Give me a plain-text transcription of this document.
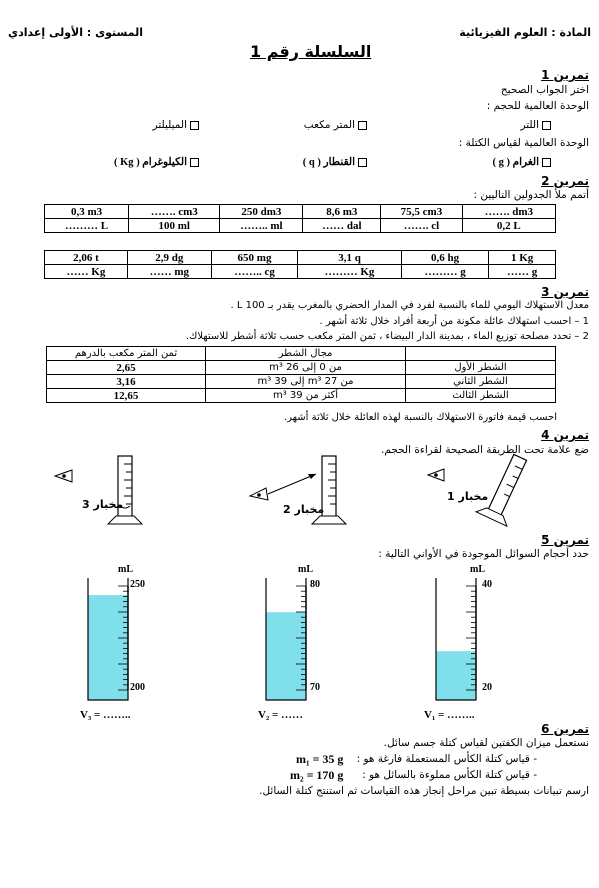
المادة : العلوم الفيزيائية
المستوى : الأولى إعدادي
السلسلة رقم 1
تمرين 1
اختر الجواب الصحيح
الوحدة العالمية للحجم :
اللتر
المتر مكعب
الميليلتر
الوحدة العالمية لقياس الكتلة :
الغرام ( g )
القنطار ( q )
الكيلوغرام ( Kg )
تمرين 2
أتمم ملأ الجدولين التاليين :
0,3 m3	……. cm3	250 dm3	8,6 m3	75,5 cm3	……. dm3
……… L	100 ml	…….. ml	…… dal	……. cl	0,2 L
2,06 t	2,9 dg	650 mg	3,1 q	0,6 hg	1 Kg
…… Kg	…… mg	…….. cg	……… Kg	……… g	…… g
تمرين 3
معدل الاستهلاك اليومي للماء بالنسبة لفرد في المدار الحضري بالمغرب يقدر بـ 100 L .
1 – احسب استهلاك عائلة مكونة من أربعة أفراد خلال ثلاثة أشهر .
2 – تحدد مصلحة توزيع الماء ، بمدينة الدار البيضاء ، ثمن المتر مكعب حسب ثلاثة أشطر للاستهلاك.
	مجال الشطر	ثمن المتر مكعب بالدرهم
الشطر الأول	من 0 إلى 26 m³	2,65
الشطر الثاني	من 27 m³ إلى 39 m³	3,16
الشطر الثالث	أكثر من 39 m³	12,65
احسب قيمة فاتورة الاستهلاك بالنسبة لهذه العائلة خلال ثلاثة أشهر.
تمرين 4
ضع علامة تحت الطريقة الصحيحة لقراءة الحجم.
مخبار 3	مخبار 2
مخبار 1
تمرين 5
حدد أحجام السوائل الموجودة في الأواني التالية :
mL	mL	mL
250
200
80
70
40
20
V₃ = ……..	V₂ = ……	V₁ = ……..
تمرين 6
نستعمل ميزان الكفتين لقياس كتلة جسم سائل.
- قياس كتلة الكأس المستعملة فارغة هو :
m₁ = 35 g
- قياس كتلة الكأس مملوءة بالسائل هو :
m₂ = 170 g
ارسم تبيانات بسيطة تبين مراحل إنجاز هذه القياسات ثم استنتج كتلة السائل.
